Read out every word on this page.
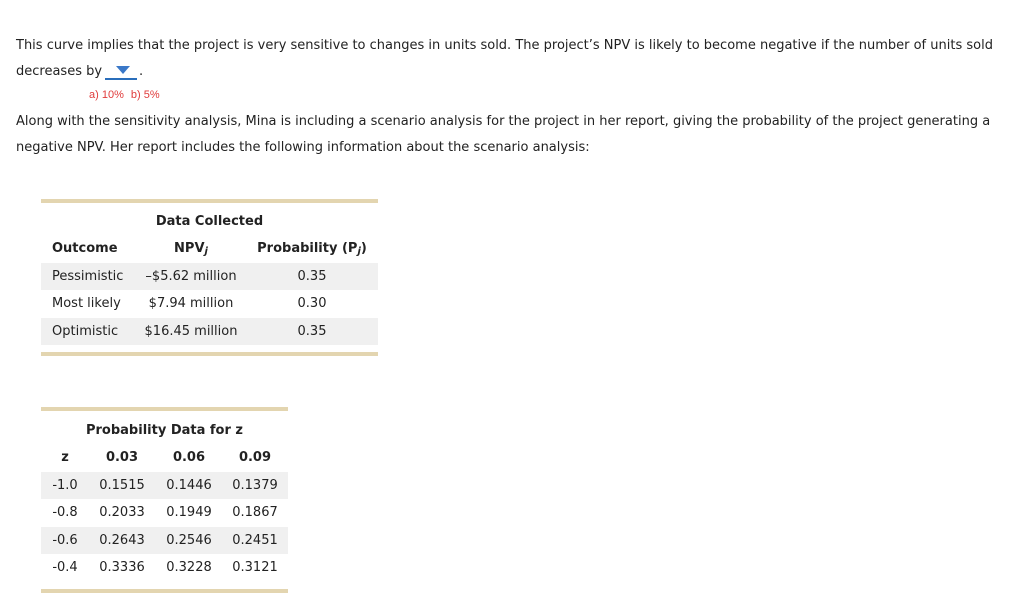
This curve implies that the project is very sensitive to changes in units sold. The project’s NPV is likely to become negative if the number of units sold decreases by	.

a) 10% b) 5%

Along with the sensitivity analysis, Mina is including a scenario analysis for the project in her report, giving the probability of the project generating a negative NPV. Her report includes the following information about the scenario analysis:

Data Collected
Outcome	NPVj	Probability (Pj)
Pessimistic –$5.62 million	0.35
Most likely	$7.94 million	0.30
Optimistic $16.45 million	0.35
Probability Data for z
z	0.03	0.06	0.09
-1.0	0.1515 0.1446 0.1379
-0.8	0.2033 0.1949 0.1867
-0.6	0.2643 0.2546 0.2451
-0.4	0.3336 0.3228 0.3121
